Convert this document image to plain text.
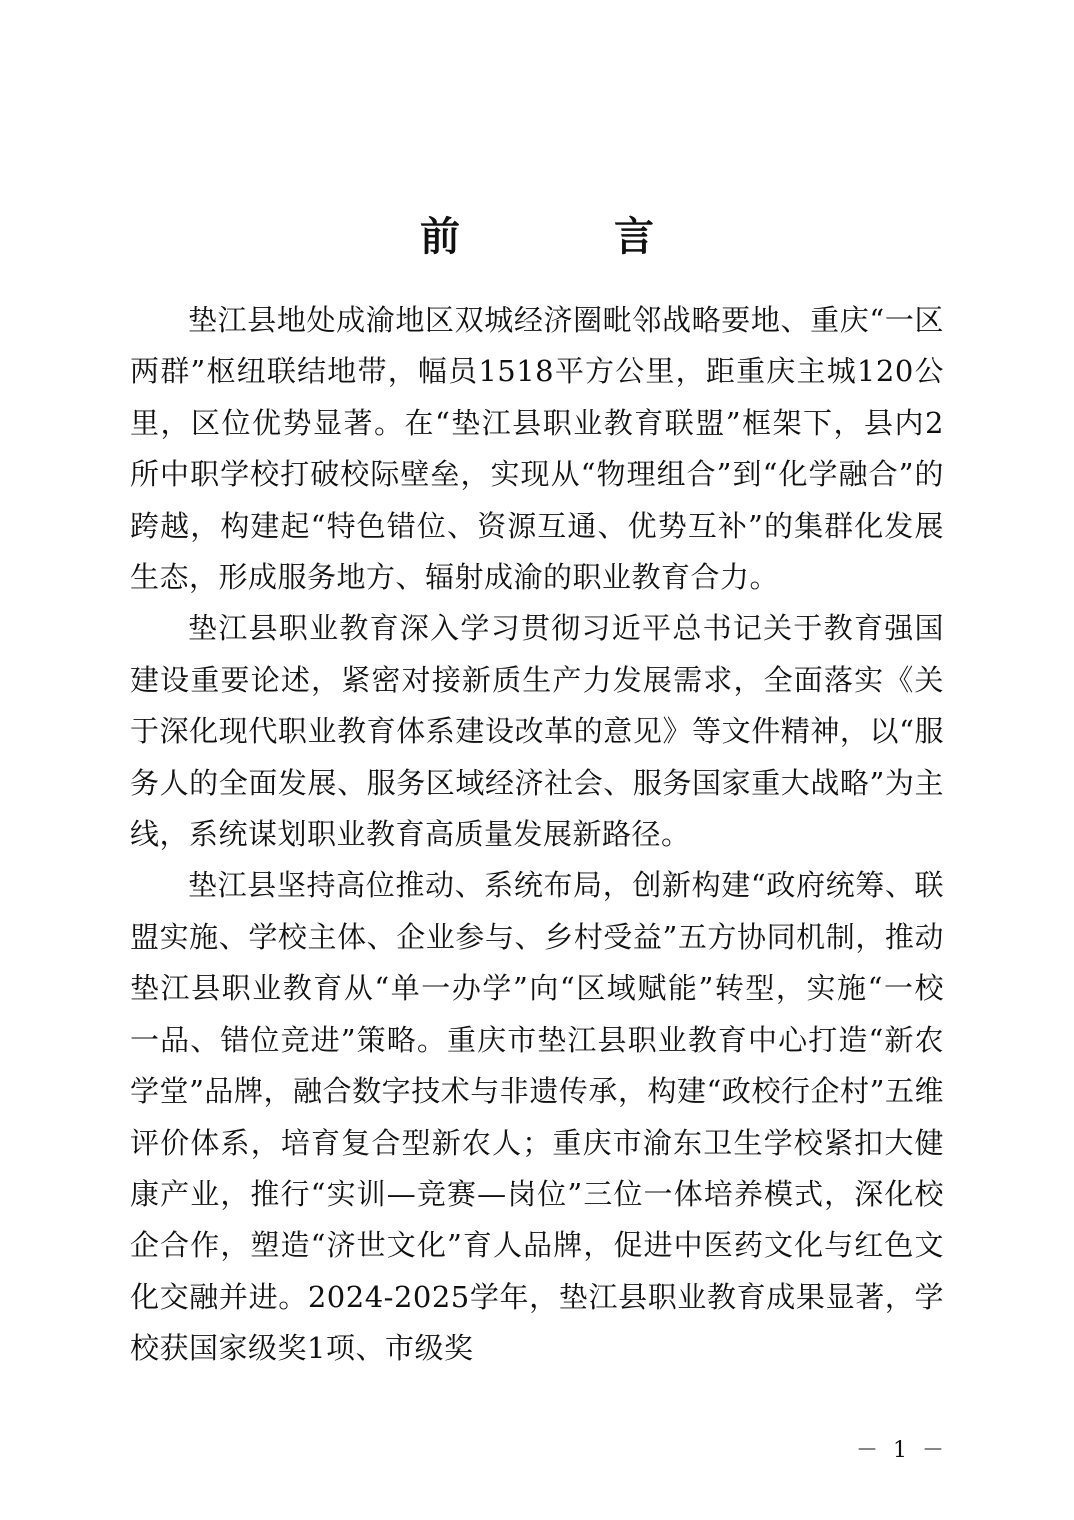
前 言

垫江县地处成渝地区双城经济圈毗邻战略要地、重庆“一区两群”枢纽联结地带，幅员1518平方公里，距重庆主城120公里，区位优势显著。在“垫江县职业教育联盟”框架下，县内2所中职学校打破校际壁垒，实现从“物理组合”到“化学融合”的跨越，构建起“特色错位、资源互通、优势互补”的集群化发展生态，形成服务地方、辐射成渝的职业教育合力。

垫江县职业教育深入学习贯彻习近平总书记关于教育强国建设重要论述，紧密对接新质生产力发展需求，全面落实《关于深化现代职业教育体系建设改革的意见》等文件精神，以“服务人的全面发展、服务区域经济社会、服务国家重大战略”为主线，系统谋划职业教育高质量发展新路径。

垫江县坚持高位推动、系统布局，创新构建“政府统筹、联盟实施、学校主体、企业参与、乡村受益”五方协同机制，推动垫江县职业教育从“单一办学”向“区域赋能”转型，实施“一校一品、错位竞进”策略。重庆市垫江县职业教育中心打造“新农学堂”品牌，融合数字技术与非遗传承，构建“政校行企村”五维评价体系，培育复合型新农人；重庆市渝东卫生学校紧扣大健康产业，推行“实训—竞赛—岗位”三位一体培养模式，深化校企合作，塑造“济世文化”育人品牌，促进中医药文化与红色文化交融并进。2024-2025学年，垫江县职业教育成果显著，学校获国家级奖1项、市级奖

－ 1 －
